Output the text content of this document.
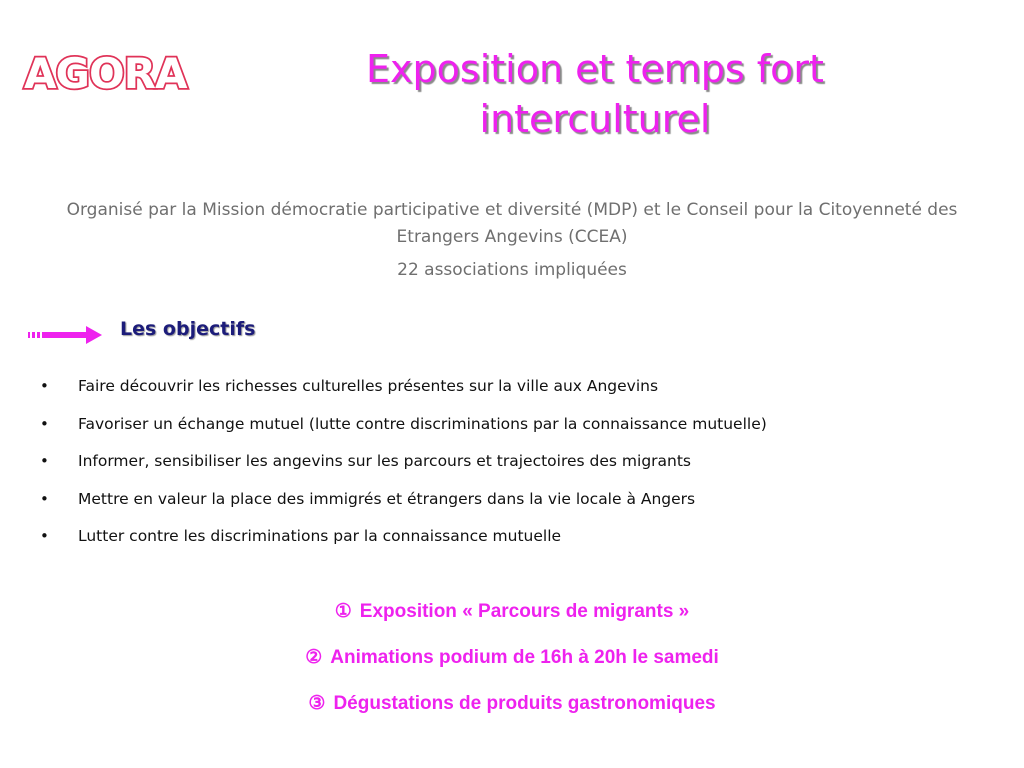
AGORA	Exposition et temps fort
interculturel
Organisé par la Mission démocratie participative et diversité (MDP) et le Conseil pour la Citoyenneté des Etrangers Angevins (CCEA)
22 associations impliquées
Les objectifs
• Faire découvrir les richesses culturelles présentes sur la ville aux Angevins
• Favoriser un échange mutuel (lutte contre discriminations par la connaissance mutuelle)
• Informer, sensibiliser les angevins sur les parcours et trajectoires des migrants
• Mettre en valeur la place des immigrés et étrangers dans la vie locale à Angers
• Lutter contre les discriminations par la connaissance mutuelle
① Exposition « Parcours de migrants »
② Animations podium de 16h à 20h le samedi
③ Dégustations de produits gastronomiques
